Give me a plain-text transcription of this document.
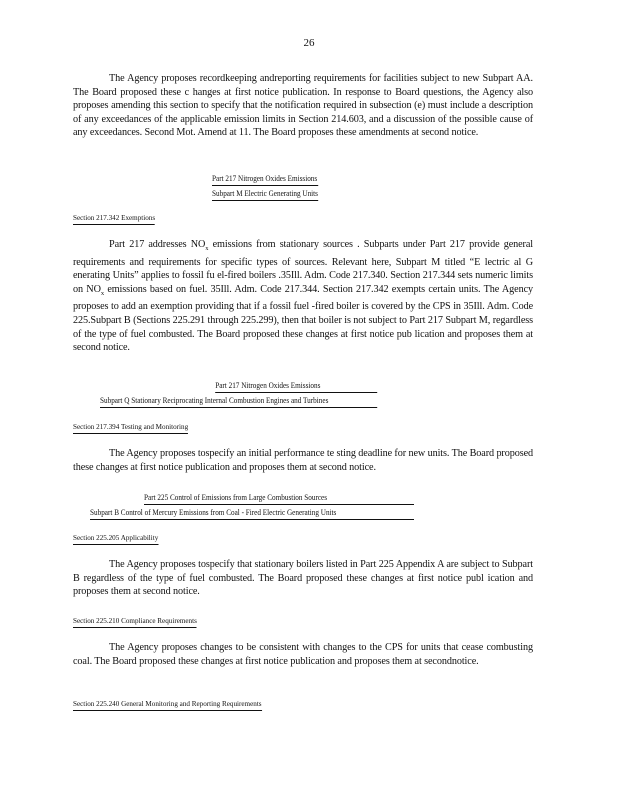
26

The Agency proposes recordkeeping andreporting requirements for facilities subject to new Subpart AA. The Board proposed these c hanges at first notice publication. In response to Board questions, the Agency also proposes amending this section to specify that the notification required in subsection (e) must include a description of any exceedances of the applicable emission limits in Section 214.603, and a discussion of the possible cause of any exceedances. Second Mot. Amend at 11. The Board proposes these amendments at second notice.

Part 217 Nitrogen Oxides Emissions
Subpart M Electric Generating Units
Section 217.342 Exemptions

Part 217 addresses $NO_x$ emissions from stationary sources . Subparts under Part 217 provide general requirements and requirements for specific types of sources. Relevant here, Subpart M titled “E lectric al G enerating Units” applies to fossil fu el-fired boilers .35Ill. Adm. Code 217.340. Section 217.344 sets numeric limits on $NO_x$ emissions based on fuel. 35Ill. Adm. Code 217.344. Section 217.342 exempts certain units. The Agency proposes to add an exemption providing that if a fossil fuel -fired boiler is covered by the CPS in 35Ill. Adm. Code 225.Subpart B (Sections 225.291 through 225.299), then that boiler is not subject to Part 217 Subpart M, regardless of the type of fuel combusted. The Board proposed these changes at first notice pub lication and proposes them at second notice.

Part 217 Nitrogen Oxides Emissions
Subpart Q Stationary Reciprocating Internal Combustion Engines and Turbines
Section 217.394 Testing and Monitoring

The Agency proposes tospecify an initial performance te sting deadline for new units. The Board proposed these changes at first notice publication and proposes them at second notice.

Part 225 Control of Emissions from Large Combustion Sources
Subpart B Control of Mercury Emissions from Coal - Fired Electric Generating Units
Section 225.205 Applicability

The Agency proposes tospecify that stationary boilers listed in Part 225 Appendix A are subject to Subpart B regardless of the type of fuel combusted. The Board proposed these changes at first notice publ ication and proposes them at second notice.

Section 225.210 Compliance Requirements

The Agency proposes changes to be consistent with changes to the CPS for units that cease combusting coal. The Board proposed these changes at first notice publication and proposes them at secondnotice.

Section 225.240 General Monitoring and Reporting Requirements
